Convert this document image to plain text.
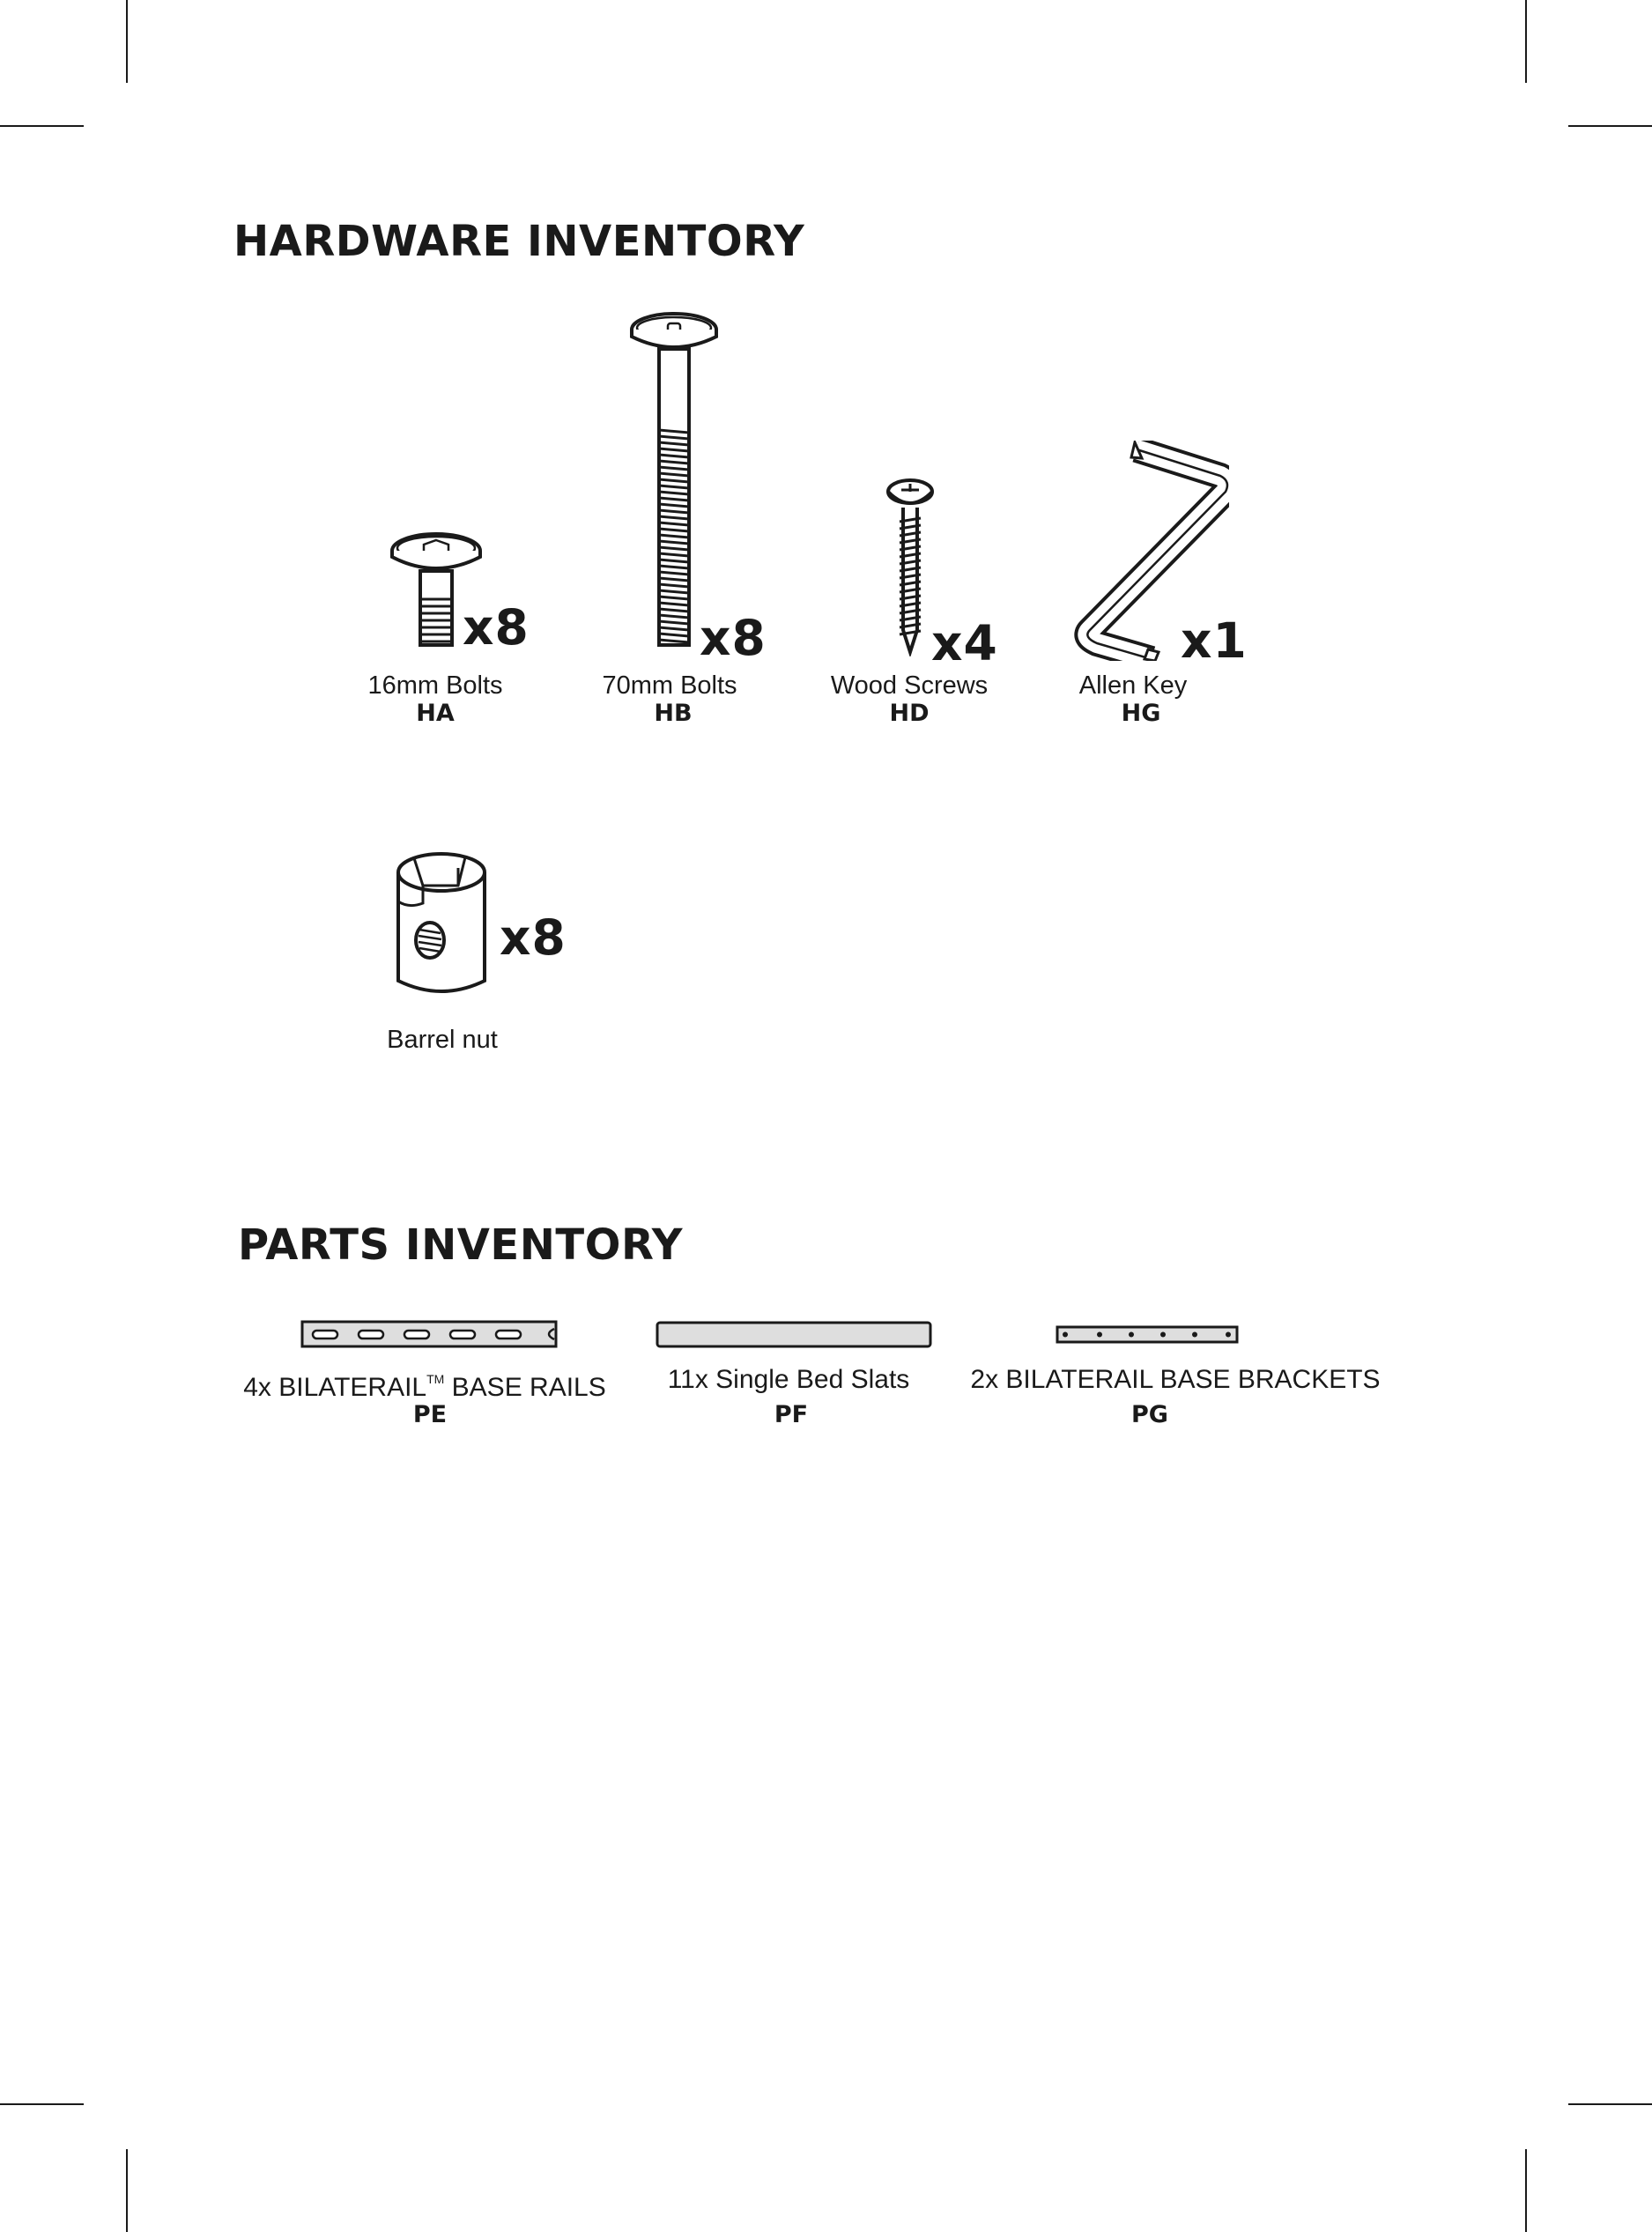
HARDWARE INVENTORY
x8
16mm Bolts
HA
x8
70mm Bolts
HB
x4
Wood Screws
HD
x1
Allen Key
HG
x8
Barrel nut
PARTS INVENTORY
4x BILATERAIL™ BASE RAILS
PE
11x Single Bed Slats
PF
2x BILATERAIL BASE BRACKETS
PG
